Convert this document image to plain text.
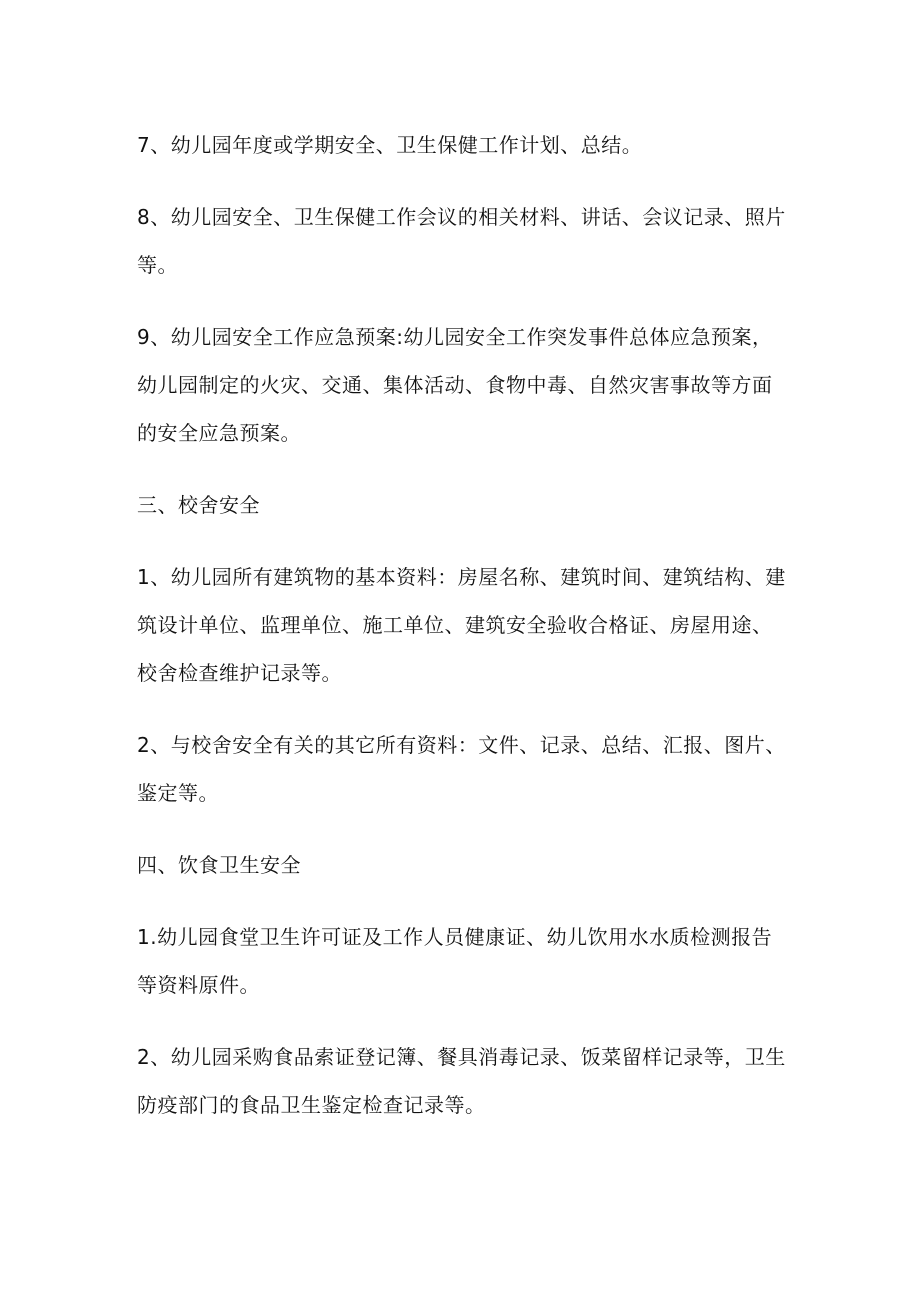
7、幼儿园年度或学期安全、卫生保健工作计划、总结。

8、幼儿园安全、卫生保健工作会议的相关材料、讲话、会议记录、照片等。

9、幼儿园安全工作应急预案:幼儿园安全工作突发事件总体应急预案，幼儿园制定的火灾、交通、集体活动、食物中毒、自然灾害事故等方面的安全应急预案。

三、校舍安全

1、幼儿园所有建筑物的基本资料：房屋名称、建筑时间、建筑结构、建筑设计单位、监理单位、施工单位、建筑安全验收合格证、房屋用途、校舍检查维护记录等。

2、与校舍安全有关的其它所有资料：文件、记录、总结、汇报、图片、鉴定等。

四、饮食卫生安全

1.幼儿园食堂卫生许可证及工作人员健康证、幼儿饮用水水质检测报告等资料原件。

2、幼儿园采购食品索证登记簿、餐具消毒记录、饭菜留样记录等，卫生防疫部门的食品卫生鉴定检查记录等。
